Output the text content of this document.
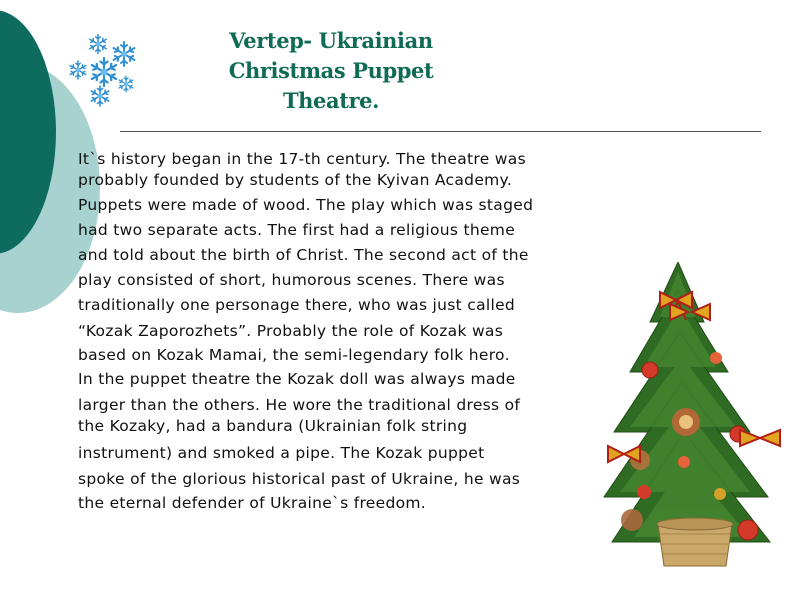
Vertep- Ukrainian
Christmas Puppet
Theatre.
It`s history began in the 17-th century. The theatre was
probably founded by students of the Kyivan Academy.
Puppets were made of wood. The play which was staged
had two separate acts. The first had a religious theme
and told about the birth of Christ. The second act of the
play consisted of short, humorous scenes. There was
traditionally one personage there, who was just called
“Kozak Zaporozhets”. Probably the role of Kozak was
based on Kozak Mamai, the semi-legendary folk hero.
In the puppet theatre the Kozak doll was always made
larger than the others. He wore the traditional dress of
the Kozaky, had a bandura (Ukrainian folk string
instrument) and smoked a pipe. The Kozak puppet
spoke of the glorious historical past of Ukraine, he was
the eternal defender of Ukraine`s freedom.
